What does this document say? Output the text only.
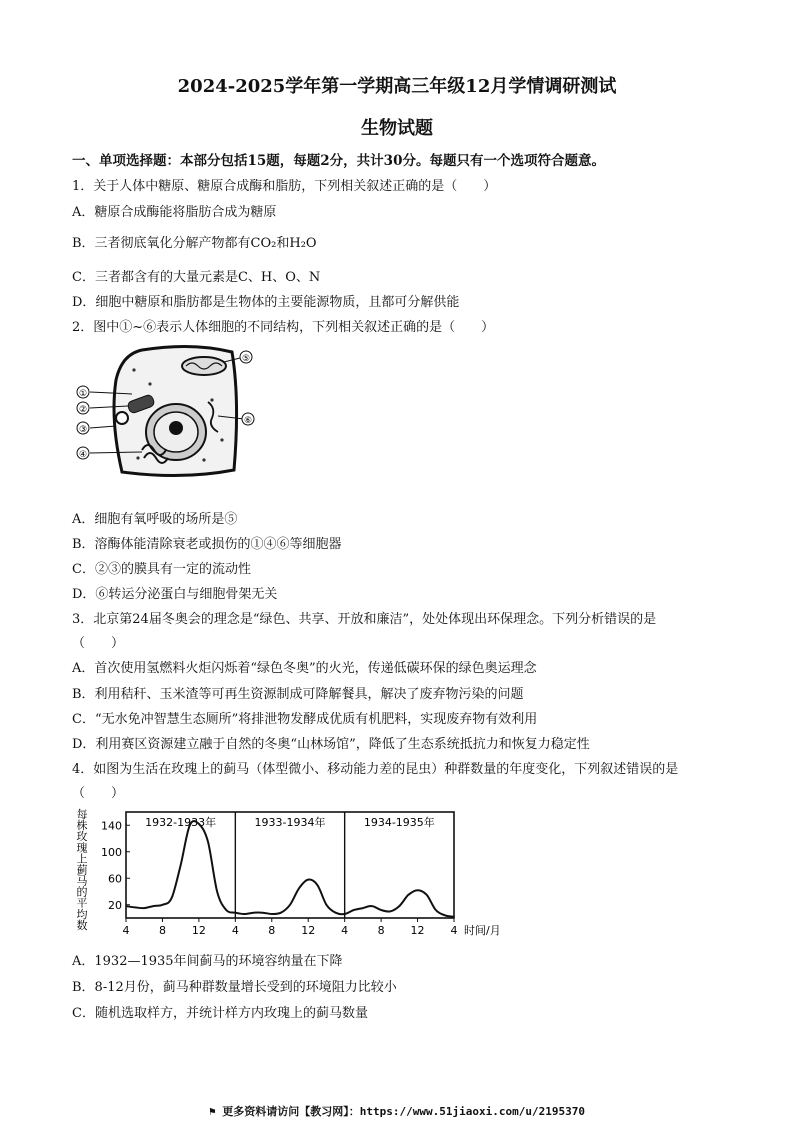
2024-2025学年第一学期高三年级12月学情调研测试
生物试题
一、单项选择题：本部分包括15题，每题2分，共计30分。每题只有一个选项符合题意。
1．关于人体中糖原、糖原合成酶和脂肪，下列相关叙述正确的是（　　）
A．糖原合成酶能将脂肪合成为糖原
B．三者彻底氧化分解产物都有CO₂和H₂O
C．三者都含有的大量元素是C、H、O、N
D．细胞中糖原和脂肪都是生物体的主要能源物质，且都可分解供能
2．图中①~⑥表示人体细胞的不同结构，下列相关叙述正确的是（　　）
①
②
③
④
⑤
⑥
A．细胞有氧呼吸的场所是⑤
B．溶酶体能清除衰老或损伤的①④⑥等细胞器
C．②③的膜具有一定的流动性
D．⑥转运分泌蛋白与细胞骨架无关
3．北京第24届冬奥会的理念是“绿色、共享、开放和廉洁”，处处体现出环保理念。下列分析错误的是
（　　）
A．首次使用氢燃料火炬闪烁着“绿色冬奥”的火光，传递低碳环保的绿色奥运理念
B．利用秸秆、玉米渣等可再生资源制成可降解餐具，解决了废弃物污染的问题
C．“无水免冲智慧生态厕所”将排泄物发酵成优质有机肥料，实现废弃物有效利用
D．利用赛区资源建立融于自然的冬奥“山林场馆”，降低了生态系统抵抗力和恢复力稳定性
4．如图为生活在玫瑰上的蓟马（体型微小、移动能力差的昆虫）种群数量的年度变化，下列叙述错误的是
（　　）
每
株
玫
瑰
上
蓟
马
的
平
均
数
20
60
100
140
4	8 12 4	8 12 4	8 12 4
1932-1933年	1933-1934年	1934-1935年
时间/月
A．1932—1935年间蓟马的环境容纳量在下降
B．8-12月份，蓟马种群数量增长受到的环境阻力比较小
C．随机选取样方，并统计样方内玫瑰上的蓟马数量
⚑ 更多资料请访问【教习网】：https://www.51jiaoxi.com/u/2195370
